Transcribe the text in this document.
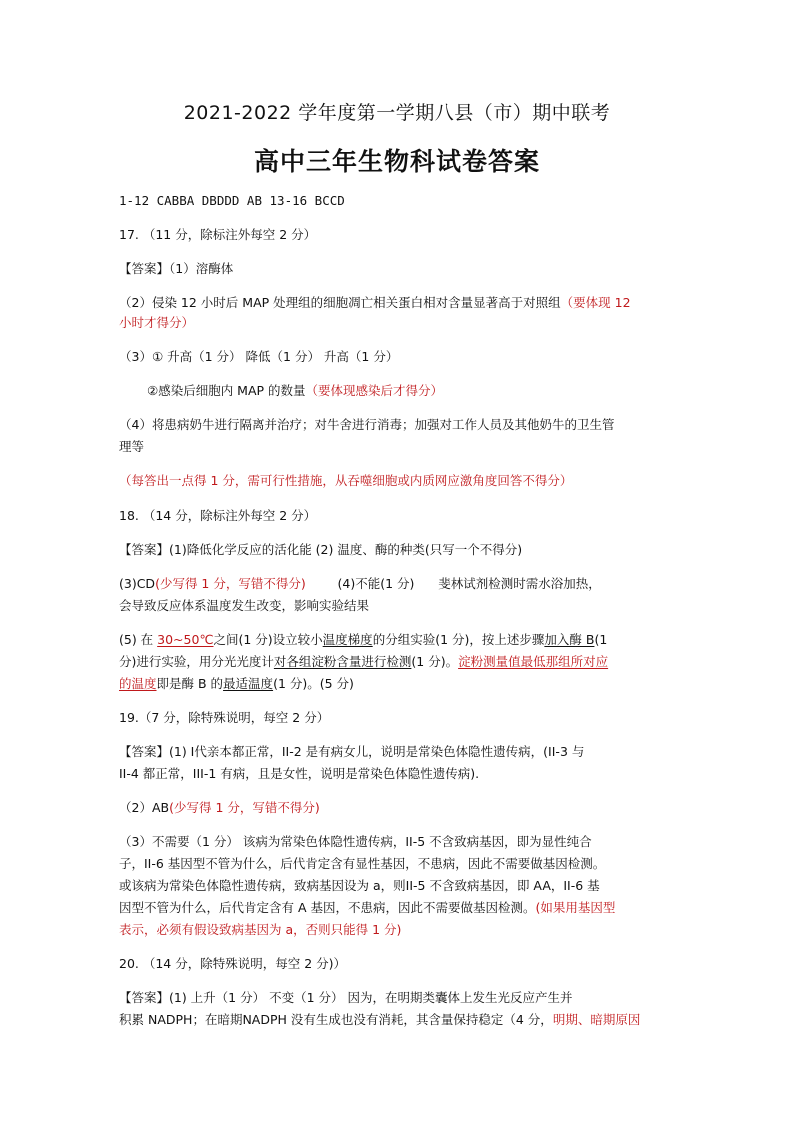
2021-2022 学年度第一学期八县（市）期中联考
高中三年生物科试卷答案
1-12 CABBA DBDDD AB 13-16 BCCD
17. （11 分，除标注外每空 2 分）
【答案】（1）溶酶体
（2）侵染 12 小时后 MAP 处理组的细胞凋亡相关蛋白相对含量显著高于对照组（要体现 12
小时才得分）
（3）① 升高（1 分） 降低（1 分） 升高（1 分）
②感染后细胞内 MAP 的数量（要体现感染后才得分）
（4）将患病奶牛进行隔离并治疗；对牛舍进行消毒；加强对工作人员及其他奶牛的卫生管
理等
（每答出一点得 1 分，需可行性措施，从吞噬细胞或内质网应激角度回答不得分）
18. （14 分，除标注外每空 2 分）
【答案】(1)降低化学反应的活化能 (2) 温度、酶的种类(只写一个不得分)
(3)CD(少写得 1 分，写错不得分)        (4)不能(1 分)      斐林试剂检测时需水浴加热，
会导致反应体系温度发生改变，影响实验结果
(5) 在 30~50℃之间(1 分)设立较小温度梯度的分组实验(1 分)，按上述步骤加入酶 B(1
分)进行实验，用分光光度计对各组淀粉含量进行检测(1 分)。淀粉测量值最低那组所对应
的温度即是酶 B 的最适温度(1 分)。(5 分)
19.（7 分，除特殊说明，每空 2 分）
【答案】(1) I代亲本都正常，II-2 是有病女儿，说明是常染色体隐性遗传病，(II-3 与
II-4 都正常，III-1 有病，且是女性，说明是常染色体隐性遗传病).
（2）AB(少写得 1 分，写错不得分)
（3）不需要（1 分） 该病为常染色体隐性遗传病，II-5 不含致病基因，即为显性纯合
子，II-6 基因型不管为什么，后代肯定含有显性基因，不患病，因此不需要做基因检测。
或该病为常染色体隐性遗传病，致病基因设为 a，则II-5 不含致病基因，即 AA，II-6 基
因型不管为什么，后代肯定含有 A 基因，不患病，因此不需要做基因检测。(如果用基因型
表示，必须有假设致病基因为 a，否则只能得 1 分)
20. （14 分，除特殊说明，每空 2 分)）
【答案】(1) 上升（1 分） 不变（1 分） 因为，在明期类囊体上发生光反应产生并
积累 NADPH；在暗期NADPH 没有生成也没有消耗，其含量保持稳定（4 分，明期、暗期原因
